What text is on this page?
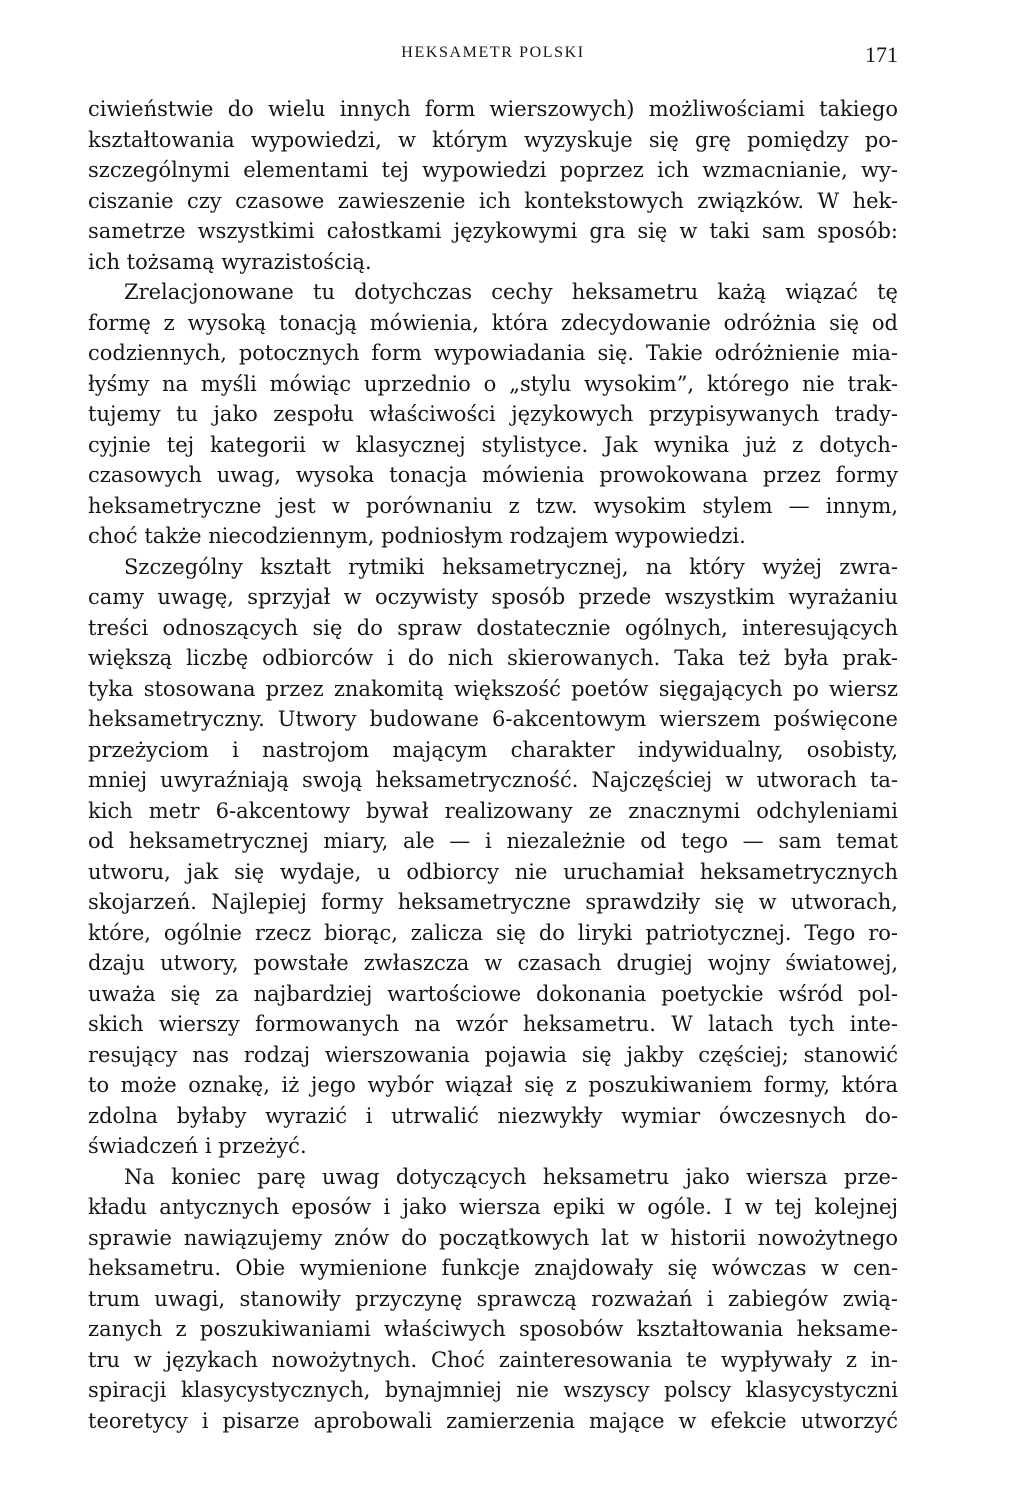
HEKSAMETR POLSKI	171
ciwieństwie do wielu innych form wierszowych) możliwościami takiego
kształtowania wypowiedzi, w którym wyzyskuje się grę pomiędzy po-
szczególnymi elementami tej wypowiedzi poprzez ich wzmacnianie, wy-
ciszanie czy czasowe zawieszenie ich kontekstowych związków. W hek-
sametrze wszystkimi całostkami językowymi gra się w taki sam sposób:
ich tożsamą wyrazistością.
Zrelacjonowane tu dotychczas cechy heksametru każą wiązać tę
formę z wysoką tonacją mówienia, która zdecydowanie odróżnia się od
codziennych, potocznych form wypowiadania się. Takie odróżnienie mia-
łyśmy na myśli mówiąc uprzednio o „stylu wysokim”, którego nie trak-
tujemy tu jako zespołu właściwości językowych przypisywanych trady-
cyjnie tej kategorii w klasycznej stylistyce. Jak wynika już z dotych-
czasowych uwag, wysoka tonacja mówienia prowokowana przez formy
heksametryczne jest w porównaniu z tzw. wysokim stylem — innym,
choć także niecodziennym, podniosłym rodzajem wypowiedzi.
Szczególny kształt rytmiki heksametrycznej, na który wyżej zwra-
camy uwagę, sprzyjał w oczywisty sposób przede wszystkim wyrażaniu
treści odnoszących się do spraw dostatecznie ogólnych, interesujących
większą liczbę odbiorców i do nich skierowanych. Taka też była prak-
tyka stosowana przez znakomitą większość poetów sięgających po wiersz
heksametryczny. Utwory budowane 6-akcentowym wierszem poświęcone
przeżyciom i nastrojom mającym charakter indywidualny, osobisty,
mniej uwyraźniają swoją heksametryczność. Najczęściej w utworach ta-
kich metr 6-akcentowy bywał realizowany ze znacznymi odchyleniami
od heksametrycznej miary, ale — i niezależnie od tego — sam temat
utworu, jak się wydaje, u odbiorcy nie uruchamiał heksametrycznych
skojarzeń. Najlepiej formy heksametryczne sprawdziły się w utworach,
które, ogólnie rzecz biorąc, zalicza się do liryki patriotycznej. Tego ro-
dzaju utwory, powstałe zwłaszcza w czasach drugiej wojny światowej,
uważa się za najbardziej wartościowe dokonania poetyckie wśród pol-
skich wierszy formowanych na wzór heksametru. W latach tych inte-
resujący nas rodzaj wierszowania pojawia się jakby częściej; stanowić
to może oznakę, iż jego wybór wiązał się z poszukiwaniem formy, która
zdolna byłaby wyrazić i utrwalić niezwykły wymiar ówczesnych do-
świadczeń i przeżyć.
Na koniec parę uwag dotyczących heksametru jako wiersza prze-
kładu antycznych eposów i jako wiersza epiki w ogóle. I w tej kolejnej
sprawie nawiązujemy znów do początkowych lat w historii nowożytnego
heksametru. Obie wymienione funkcje znajdowały się wówczas w cen-
trum uwagi, stanowiły przyczynę sprawczą rozważań i zabiegów zwią-
zanych z poszukiwaniami właściwych sposobów kształtowania heksame-
tru w językach nowożytnych. Choć zainteresowania te wypływały z in-
spiracji klasycystycznych, bynajmniej nie wszyscy polscy klasycystyczni
teoretycy i pisarze aprobowali zamierzenia mające w efekcie utworzyć
